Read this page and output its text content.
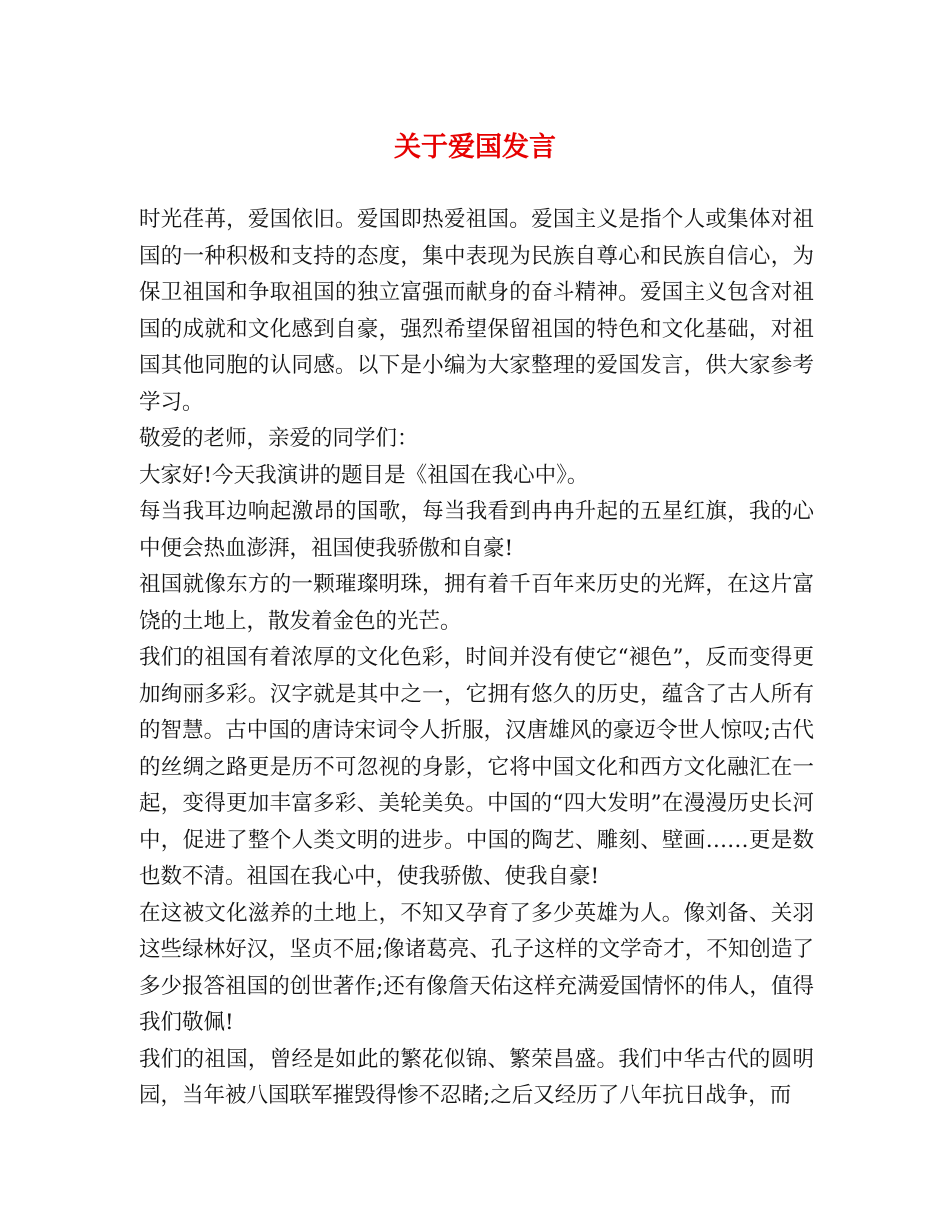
关于爱国发言

时光荏苒，爱国依旧。爱国即热爱祖国。爱国主义是指个人或集体对祖国的一种积极和支持的态度，集中表现为民族自尊心和民族自信心，为保卫祖国和争取祖国的独立富强而献身的奋斗精神。爱国主义包含对祖国的成就和文化感到自豪，强烈希望保留祖国的特色和文化基础，对祖国其他同胞的认同感。以下是小编为大家整理的爱国发言，供大家参考学习。

敬爱的老师，亲爱的同学们：

大家好!今天我演讲的题目是《祖国在我心中》。

每当我耳边响起激昂的国歌，每当我看到冉冉升起的五星红旗，我的心中便会热血澎湃，祖国使我骄傲和自豪!

祖国就像东方的一颗璀璨明珠，拥有着千百年来历史的光辉，在这片富饶的土地上，散发着金色的光芒。

我们的祖国有着浓厚的文化色彩，时间并没有使它“褪色”，反而变得更加绚丽多彩。汉字就是其中之一，它拥有悠久的历史，蕴含了古人所有的智慧。古中国的唐诗宋词令人折服，汉唐雄风的豪迈令世人惊叹;古代的丝绸之路更是历不可忽视的身影，它将中国文化和西方文化融汇在一起，变得更加丰富多彩、美轮美奂。中国的“四大发明”在漫漫历史长河中，促进了整个人类文明的进步。中国的陶艺、雕刻、壁画……更是数也数不清。祖国在我心中，使我骄傲、使我自豪!

在这被文化滋养的土地上，不知又孕育了多少英雄为人。像刘备、关羽这些绿林好汉，坚贞不屈;像诸葛亮、孔子这样的文学奇才，不知创造了多少报答祖国的创世著作;还有像詹天佑这样充满爱国情怀的伟人，值得我们敬佩!

我们的祖国，曾经是如此的繁花似锦、繁荣昌盛。我们中华古代的圆明园，当年被八国联军摧毁得惨不忍睹;之后又经历了八年抗日战争，而
